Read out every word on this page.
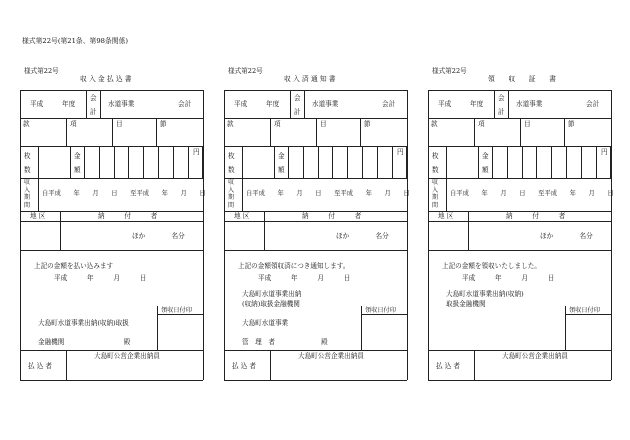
様式第22号(第21条、第98条関係)
様式第22号
収 入 金 払 込 書
平成	年度
会
計
水道事業	会計
款	項	目	節
枚
数
金
額
円
収
入
期
間
自平成　　年　　月　　日　　至平成　　年　　月　　日
地 区	納　　　付　　　者
ほか　　　　名分
上記の金額を払い込みます
平成　　　年　　　月　　　日
大島町水道事業出納(収納)取扱
金融機関　　　　　　　　　殿
領収日付印
払 込 者
大島町公営企業出納員
様式第22号
収 入 済 通 知 書
平成	年度
会
計
水道事業	会計
款	項	目	節
枚
数
金
額
円
収
入
期
間
自平成　　年　　月　　日　　至平成　　年　　月　　日
地 区	納　　　付　　　者
ほか　　　　名分
上記の金額領収済につき通知します。
平成　　　年　　　月　　　日
大島町水道事業出納
(収納)取扱金融機関
大島町水道事業
管　理　者　　　　　　　殿
領収日付印
払 込 者
大島町公営企業出納員
様式第22号
領　　収　　証　　書
平成	年度
会
計
水道事業	会計
款	項	目	節
枚
数
金
額
円
収
入
期
間
自平成　　年　　月　　日　　至平成　　年　　月　　日
地 区	納　　　付　　　者
ほか　　　　名分
上記の金額を領収いたしました。
平成　　　年　　　月　　　日
大島町水道事業出納(収納)
取扱金融機関
領収日付印
払 込 者
大島町公営企業出納員
